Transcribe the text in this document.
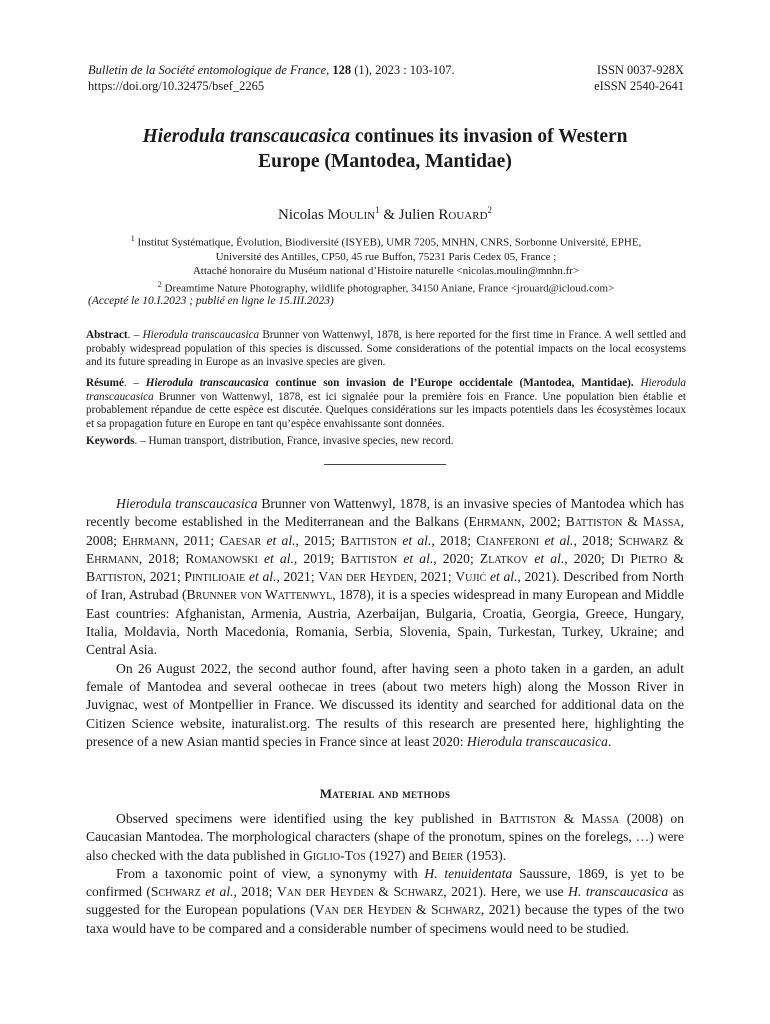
Bulletin de la Société entomologique de France, 128 (1), 2023 : 103-107.
https://doi.org/10.32475/bsef_2265
ISSN 0037-928X
eISSN 2540-2641
Hierodula transcaucasica continues its invasion of Western
Europe (Mantodea, Mantidae)
Nicolas Moulin$^1$ & Julien Rouard$^2$
$^1$ Institut Systématique, Évolution, Biodiversité (ISYEB), UMR 7205, MNHN, CNRS, Sorbonne Université, EPHE,
Université des Antilles, CP50, 45 rue Buffon, 75231 Paris Cedex 05, France ;
Attaché honoraire du Muséum national d’Histoire naturelle <nicolas.moulin@mnhn.fr>
$^2$ Dreamtime Nature Photography, wildlife photographer, 34150 Aniane, France <jrouard@icloud.com>
(Accepté le 10.I.2023 ; publié en ligne le 15.III.2023)
Abstract. – Hierodula transcaucasica Brunner von Wattenwyl, 1878, is here reported for the first time in France. A well settled and probably widespread population of this species is discussed. Some considerations of the potential impacts on the local ecosystems and its future spreading in Europe as an invasive species are given.
Résumé. – Hierodula transcaucasica continue son invasion de l’Europe occidentale (Mantodea, Mantidae). Hierodula transcaucasica Brunner von Wattenwyl, 1878, est ici signalée pour la première fois en France. Une population bien établie et probablement répandue de cette espèce est discutée. Quelques considérations sur les impacts potentiels dans les écosystèmes locaux et sa propagation future en Europe en tant qu’espèce envahissante sont données.
Keywords. – Human transport, distribution, France, invasive species, new record.

Hierodula transcaucasica Brunner von Wattenwyl, 1878, is an invasive species of Mantodea which has recently become established in the Mediterranean and the Balkans (Ehrmann, 2002; Battiston & Massa, 2008; Ehrmann, 2011; Caesar et al., 2015; Battiston et al., 2018; Cianferoni et al., 2018; Schwarz & Ehrmann, 2018; Romanowski et al., 2019; Battiston et al., 2020; Zlatkov et al., 2020; Di Pietro & Battiston, 2021; Pintilioaie et al., 2021; Van der Heyden, 2021; Vujić et al., 2021). Described from North of Iran, Astrubad (Brunner von Wattenwyl, 1878), it is a species widespread in many European and Middle East countries: Afghanistan, Armenia, Austria, Azerbaijan, Bulgaria, Croatia, Georgia, Greece, Hungary, Italia, Moldavia, North Macedonia, Romania, Serbia, Slovenia, Spain, Turkestan, Turkey, Ukraine; and Central Asia.

On 26 August 2022, the second author found, after having seen a photo taken in a garden, an adult female of Mantodea and several oothecae in trees (about two meters high) along the Mosson River in Juvignac, west of Montpellier in France. We discussed its identity and searched for additional data on the Citizen Science website, inaturalist.org. The results of this research are presented here, highlighting the presence of a new Asian mantid species in France since at least 2020: Hierodula transcaucasica.

Material and methods

Observed specimens were identified using the key published in Battiston & Massa (2008) on Caucasian Mantodea. The morphological characters (shape of the pronotum, spines on the forelegs, …) were also checked with the data published in Giglio-Tos (1927) and Beier (1953).

From a taxonomic point of view, a synonymy with H. tenuidentata Saussure, 1869, is yet to be confirmed (Schwarz et al., 2018; Van der Heyden & Schwarz, 2021). Here, we use H. transcaucasica as suggested for the European populations (Van der Heyden & Schwarz, 2021) because the types of the two taxa would have to be compared and a considerable number of specimens would need to be studied.
